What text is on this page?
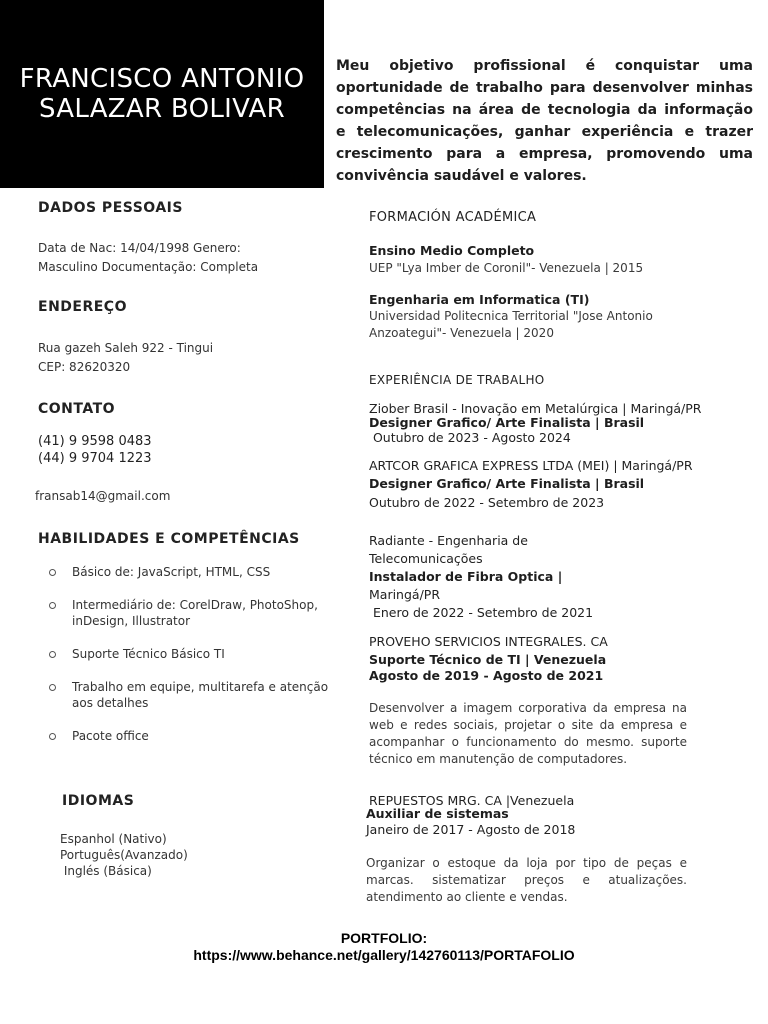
FRANCISCO ANTONIO
SALAZAR BOLIVAR
Meu objetivo profissional é conquistar uma oportunidade de trabalho para desenvolver minhas competências na área de tecnologia da informação e telecomunicações, ganhar experiência e trazer crescimento para a empresa, promovendo uma convivência saudável e valores.
DADOS PESSOAIS
Data de Nac: 14/04/1998 Genero:
Masculino Documentação: Completa
ENDEREÇO
Rua gazeh Saleh 922 - Tingui
CEP: 82620320
CONTATO
(41) 9 9598 0483
(44) 9 9704 1223
fransab14@gmail.com
HABILIDADES E COMPETÊNCIAS
Básico de: JavaScript, HTML, CSS
Intermediário de: CorelDraw, PhotoShop,
inDesign, Illustrator
Suporte Técnico Básico TI
Trabalho em equipe, multitarefa e atenção
aos detalhes
Pacote office
IDIOMAS
Espanhol (Nativo)
Português(Avanzado)
Inglés (Básica)
FORMACIÓN ACADÉMICA
Ensino Medio Completo
UEP "Lya Imber de Coronil"- Venezuela | 2015
Engenharia em Informatica (TI)
Universidad Politecnica Territorial "Jose Antonio
Anzoategui"- Venezuela | 2020
EXPERIÊNCIA DE TRABALHO
Ziober Brasil - Inovação em Metalúrgica | Maringá/PR
Designer Grafico/ Arte Finalista | Brasil
Outubro de 2023 - Agosto 2024
ARTCOR GRAFICA EXPRESS LTDA (MEI) | Maringá/PR
Designer Grafico/ Arte Finalista | Brasil
Outubro de 2022 - Setembro de 2023
Radiante - Engenharia de
Telecomunicações
Instalador de Fibra Optica |
Maringá/PR
Enero de 2022 - Setembro de 2021
PROVEHO SERVICIOS INTEGRALES. CA
Suporte Técnico de TI | Venezuela
Agosto de 2019 - Agosto de 2021
Desenvolver a imagem corporativa da empresa na web e redes sociais, projetar o site da empresa e acompanhar o funcionamento do mesmo. suporte técnico em manutenção de computadores.
REPUESTOS MRG. CA |Venezuela
Auxiliar de sistemas
Janeiro de 2017 - Agosto de 2018
Organizar o estoque da loja por tipo de peças e marcas. sistematizar preços e atualizações. atendimento ao cliente e vendas.
PORTFOLIO:
https://www.behance.net/gallery/142760113/PORTAFOLIO
